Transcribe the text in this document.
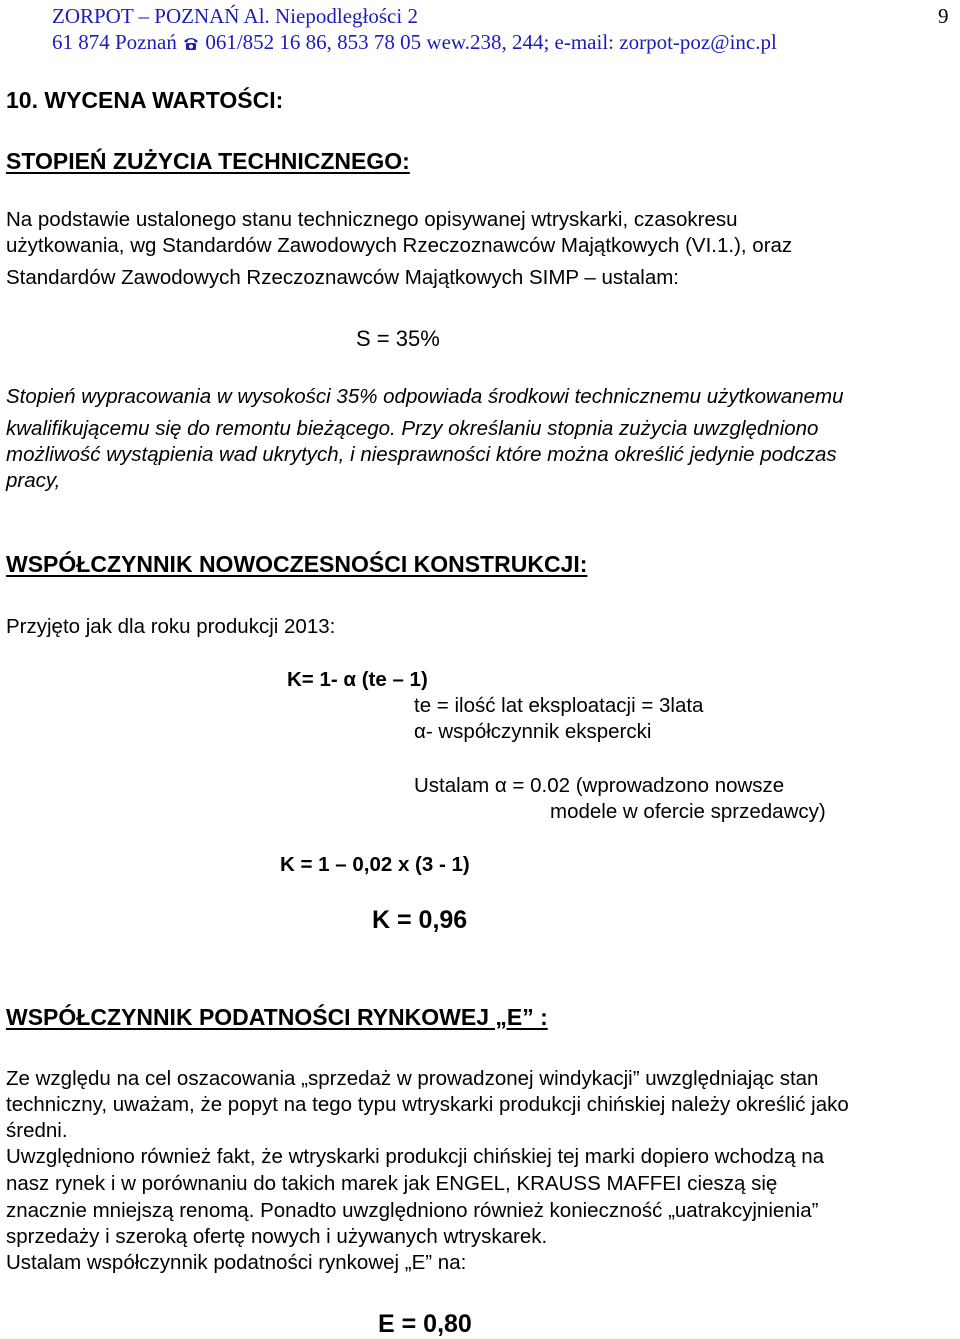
ZORPOT – POZNAŃ Al. Niepodległości 2
61 874 Poznań  061/852 16 86, 853 78 05 wew.238, 244; e-mail: zorpot-poz@inc.pl
9
10. WYCENA WARTOŚCI:
STOPIEŃ ZUŻYCIA TECHNICZNEGO:
Na podstawie ustalonego stanu technicznego opisywanej wtryskarki, czasokresu
użytkowania, wg Standardów Zawodowych Rzeczoznawców Majątkowych (VI.1.), oraz
Standardów Zawodowych Rzeczoznawców Majątkowych SIMP – ustalam:
S = 35%
Stopień wypracowania w wysokości 35% odpowiada środkowi technicznemu użytkowanemu
kwalifikującemu się do remontu bieżącego. Przy określaniu stopnia zużycia uwzględniono
możliwość wystąpienia wad ukrytych, i niesprawności które można określić jedynie podczas
pracy,
WSPÓŁCZYNNIK NOWOCZESNOŚCI KONSTRUKCJI:
Przyjęto jak dla roku produkcji 2013:
K= 1- α (te – 1)
te = ilość lat eksploatacji = 3lata
α- współczynnik ekspercki
Ustalam α = 0.02 (wprowadzono nowsze
modele w ofercie sprzedawcy)
K = 1 – 0,02 x (3 - 1)
K = 0,96
WSPÓŁCZYNNIK PODATNOŚCI RYNKOWEJ „E” :
Ze względu na cel oszacowania „sprzedaż w prowadzonej windykacji” uwzględniając stan
techniczny, uważam, że popyt na tego typu wtryskarki produkcji chińskiej należy określić jako
średni.
Uwzględniono również fakt, że wtryskarki produkcji chińskiej tej marki dopiero wchodzą na
nasz rynek i w porównaniu do takich marek jak ENGEL, KRAUSS MAFFEI cieszą się
znacznie mniejszą renomą. Ponadto uwzględniono również konieczność „uatrakcyjnienia”
sprzedaży i szeroką ofertę nowych i używanych wtryskarek.
Ustalam współczynnik podatności rynkowej „E” na:
E = 0,80
